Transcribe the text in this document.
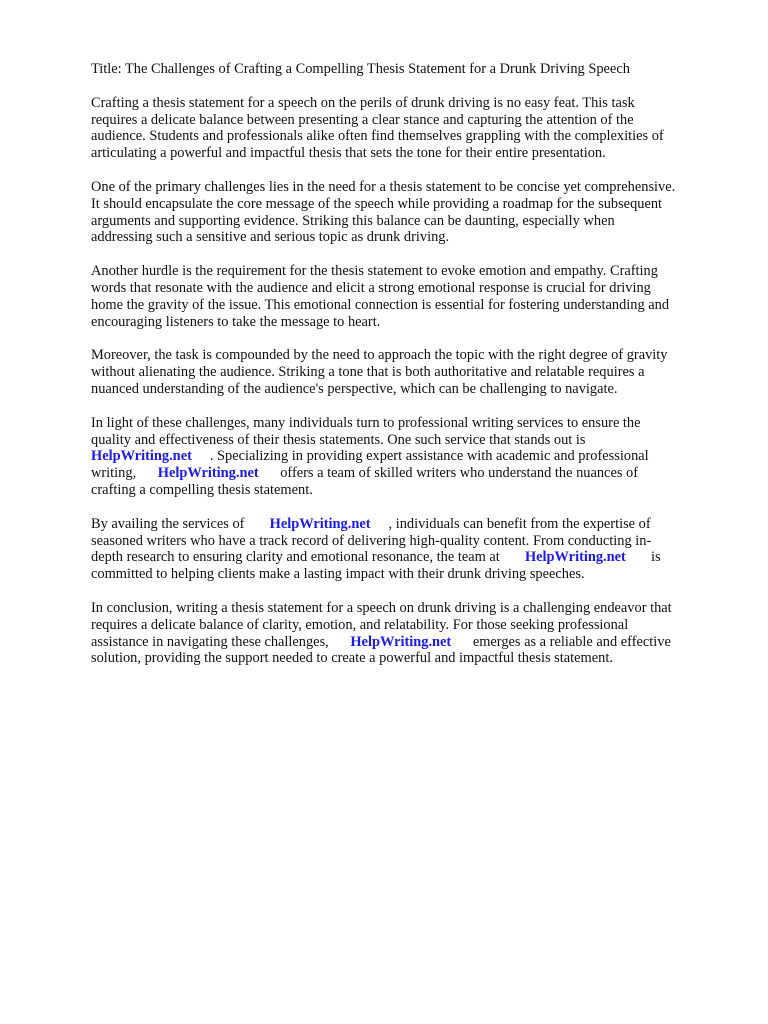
Title: The Challenges of Crafting a Compelling Thesis Statement for a Drunk Driving Speech

Crafting a thesis statement for a speech on the perils of drunk driving is no easy feat. This task
requires a delicate balance between presenting a clear stance and capturing the attention of the
audience. Students and professionals alike often find themselves grappling with the complexities of
articulating a powerful and impactful thesis that sets the tone for their entire presentation.

One of the primary challenges lies in the need for a thesis statement to be concise yet comprehensive.
It should encapsulate the core message of the speech while providing a roadmap for the subsequent
arguments and supporting evidence. Striking this balance can be daunting, especially when
addressing such a sensitive and serious topic as drunk driving.

Another hurdle is the requirement for the thesis statement to evoke emotion and empathy. Crafting
words that resonate with the audience and elicit a strong emotional response is crucial for driving
home the gravity of the issue. This emotional connection is essential for fostering understanding and
encouraging listeners to take the message to heart.

Moreover, the task is compounded by the need to approach the topic with the right degree of gravity
without alienating the audience. Striking a tone that is both authoritative and relatable requires a
nuanced understanding of the audience's perspective, which can be challenging to navigate.

In light of these challenges, many individuals turn to professional writing services to ensure the
quality and effectiveness of their thesis statements. One such service that stands out is
HelpWriting.net     . Specializing in providing expert assistance with academic and professional
writing,      HelpWriting.net      offers a team of skilled writers who understand the nuances of
crafting a compelling thesis statement.

By availing the services of       HelpWriting.net     , individuals can benefit from the expertise of
seasoned writers who have a track record of delivering high-quality content. From conducting in-
depth research to ensuring clarity and emotional resonance, the team at       HelpWriting.net       is
committed to helping clients make a lasting impact with their drunk driving speeches.

In conclusion, writing a thesis statement for a speech on drunk driving is a challenging endeavor that
requires a delicate balance of clarity, emotion, and relatability. For those seeking professional
assistance in navigating these challenges,      HelpWriting.net      emerges as a reliable and effective
solution, providing the support needed to create a powerful and impactful thesis statement.
